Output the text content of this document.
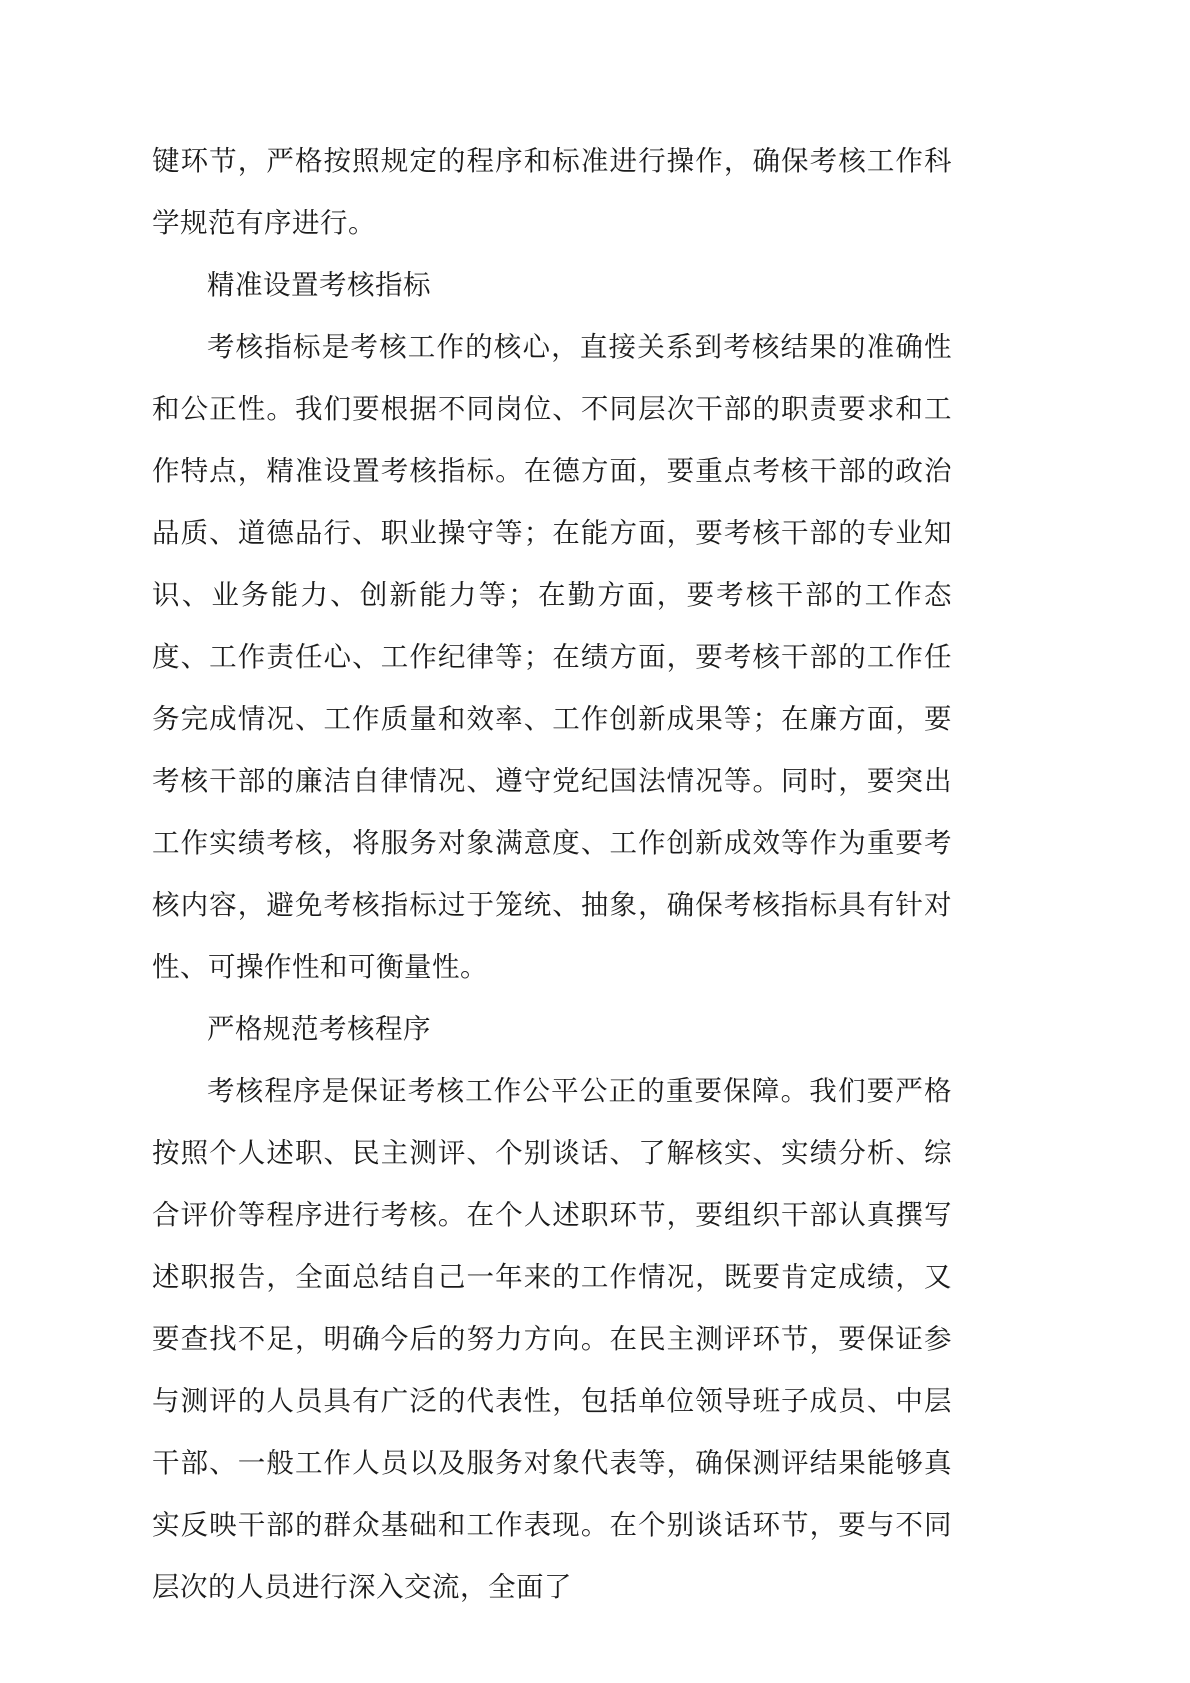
键环节，严格按照规定的程序和标准进行操作，确保考核工作科学规范有序进行。

精准设置考核指标

考核指标是考核工作的核心，直接关系到考核结果的准确性和公正性。我们要根据不同岗位、不同层次干部的职责要求和工作特点，精准设置考核指标。在德方面，要重点考核干部的政治品质、道德品行、职业操守等；在能方面，要考核干部的专业知识、业务能力、创新能力等；在勤方面，要考核干部的工作态度、工作责任心、工作纪律等；在绩方面，要考核干部的工作任务完成情况、工作质量和效率、工作创新成果等；在廉方面，要考核干部的廉洁自律情况、遵守党纪国法情况等。同时，要突出工作实绩考核，将服务对象满意度、工作创新成效等作为重要考核内容，避免考核指标过于笼统、抽象，确保考核指标具有针对性、可操作性和可衡量性。

严格规范考核程序

考核程序是保证考核工作公平公正的重要保障。我们要严格按照个人述职、民主测评、个别谈话、了解核实、实绩分析、综合评价等程序进行考核。在个人述职环节，要组织干部认真撰写述职报告，全面总结自己一年来的工作情况，既要肯定成绩，又要查找不足，明确今后的努力方向。在民主测评环节，要保证参与测评的人员具有广泛的代表性，包括单位领导班子成员、中层干部、一般工作人员以及服务对象代表等，确保测评结果能够真实反映干部的群众基础和工作表现。在个别谈话环节，要与不同层次的人员进行深入交流，全面了
